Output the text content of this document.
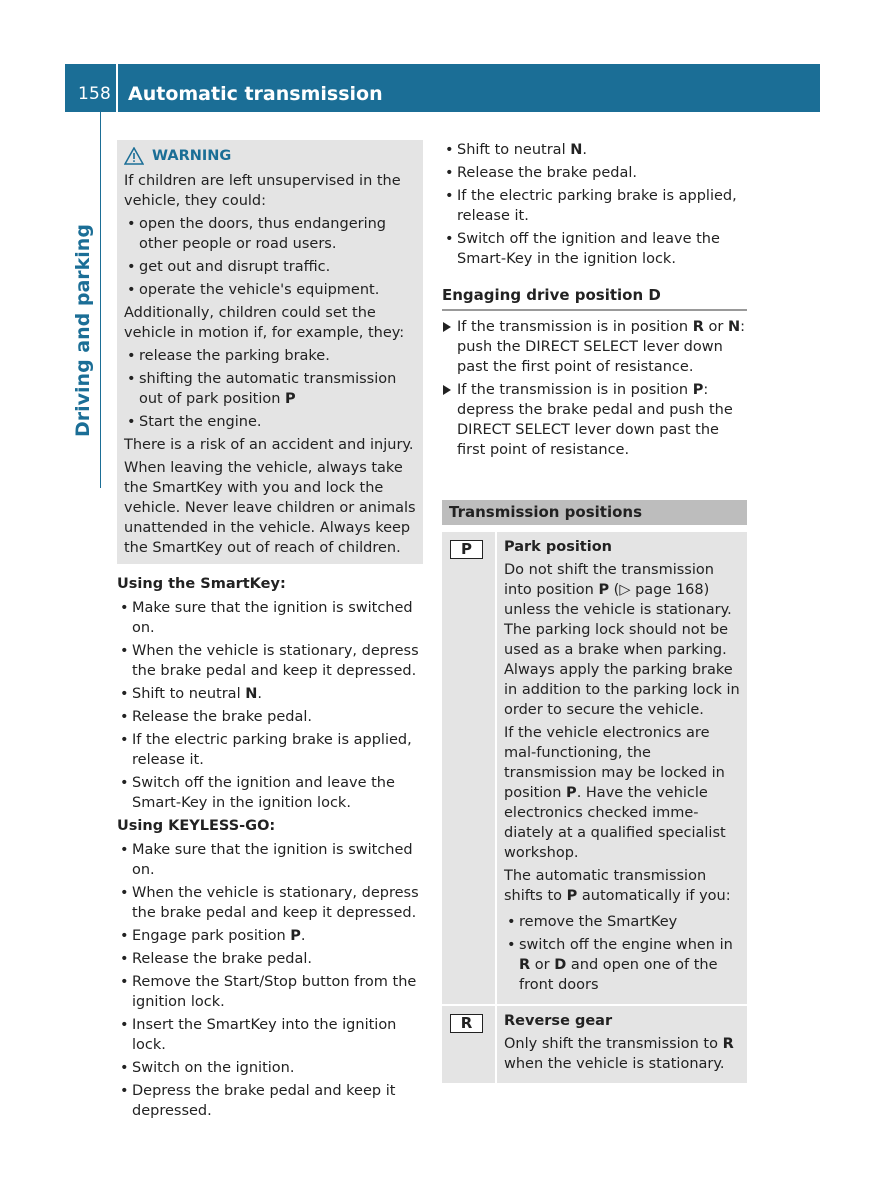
158 Automatic transmission
Driving and parking
WARNING

If children are left unsupervised in the vehicle, they could:

• open the doors, thus endangering other people or road users.
• get out and disrupt traffic.
• operate the vehicle's equipment.

Additionally, children could set the vehicle in motion if, for example, they:

• release the parking brake.
• shifting the automatic transmission out of park position P
• Start the engine.

There is a risk of an accident and injury.

When leaving the vehicle, always take the SmartKey with you and lock the vehicle. Never leave children or animals unattended in the vehicle. Always keep the SmartKey out of reach of children.

Using the SmartKey:
• Make sure that the ignition is switched on.
• When the vehicle is stationary, depress the brake pedal and keep it depressed.
• Shift to neutral N.
• Release the brake pedal.
• If the electric parking brake is applied, release it.
• Switch off the ignition and leave the Smart-Key in the ignition lock.
Using KEYLESS-GO:
• Make sure that the ignition is switched on.
• When the vehicle is stationary, depress the brake pedal and keep it depressed.
• Engage park position P.
• Release the brake pedal.
• Remove the Start/Stop button from the ignition lock.
• Insert the SmartKey into the ignition lock.
• Switch on the ignition.
• Depress the brake pedal and keep it depressed.
• Shift to neutral N.
• Release the brake pedal.
• If the electric parking brake is applied, release it.
• Switch off the ignition and leave the Smart-Key in the ignition lock.
Engaging drive position D
If the transmission is in position R or N: push the DIRECT SELECT lever down past the first point of resistance.
If the transmission is in position P: depress the brake pedal and push the DIRECT SELECT lever down past the first point of resistance.
Transmission positions
P	Park position

Do not shift the transmission into position P (▷ page 168) unless the vehicle is stationary. The parking lock should not be used as a brake when parking. Always apply the parking brake in addition to the parking lock in order to secure the vehicle.

If the vehicle electronics are mal-functioning, the transmission may be locked in position P. Have the vehicle electronics checked imme-diately at a qualified specialist workshop.

The automatic transmission shifts to P automatically if you:

• remove the SmartKey
• switch off the engine when in R or D and open one of the front doors
R	Reverse gear

Only shift the transmission to R when the vehicle is stationary.
